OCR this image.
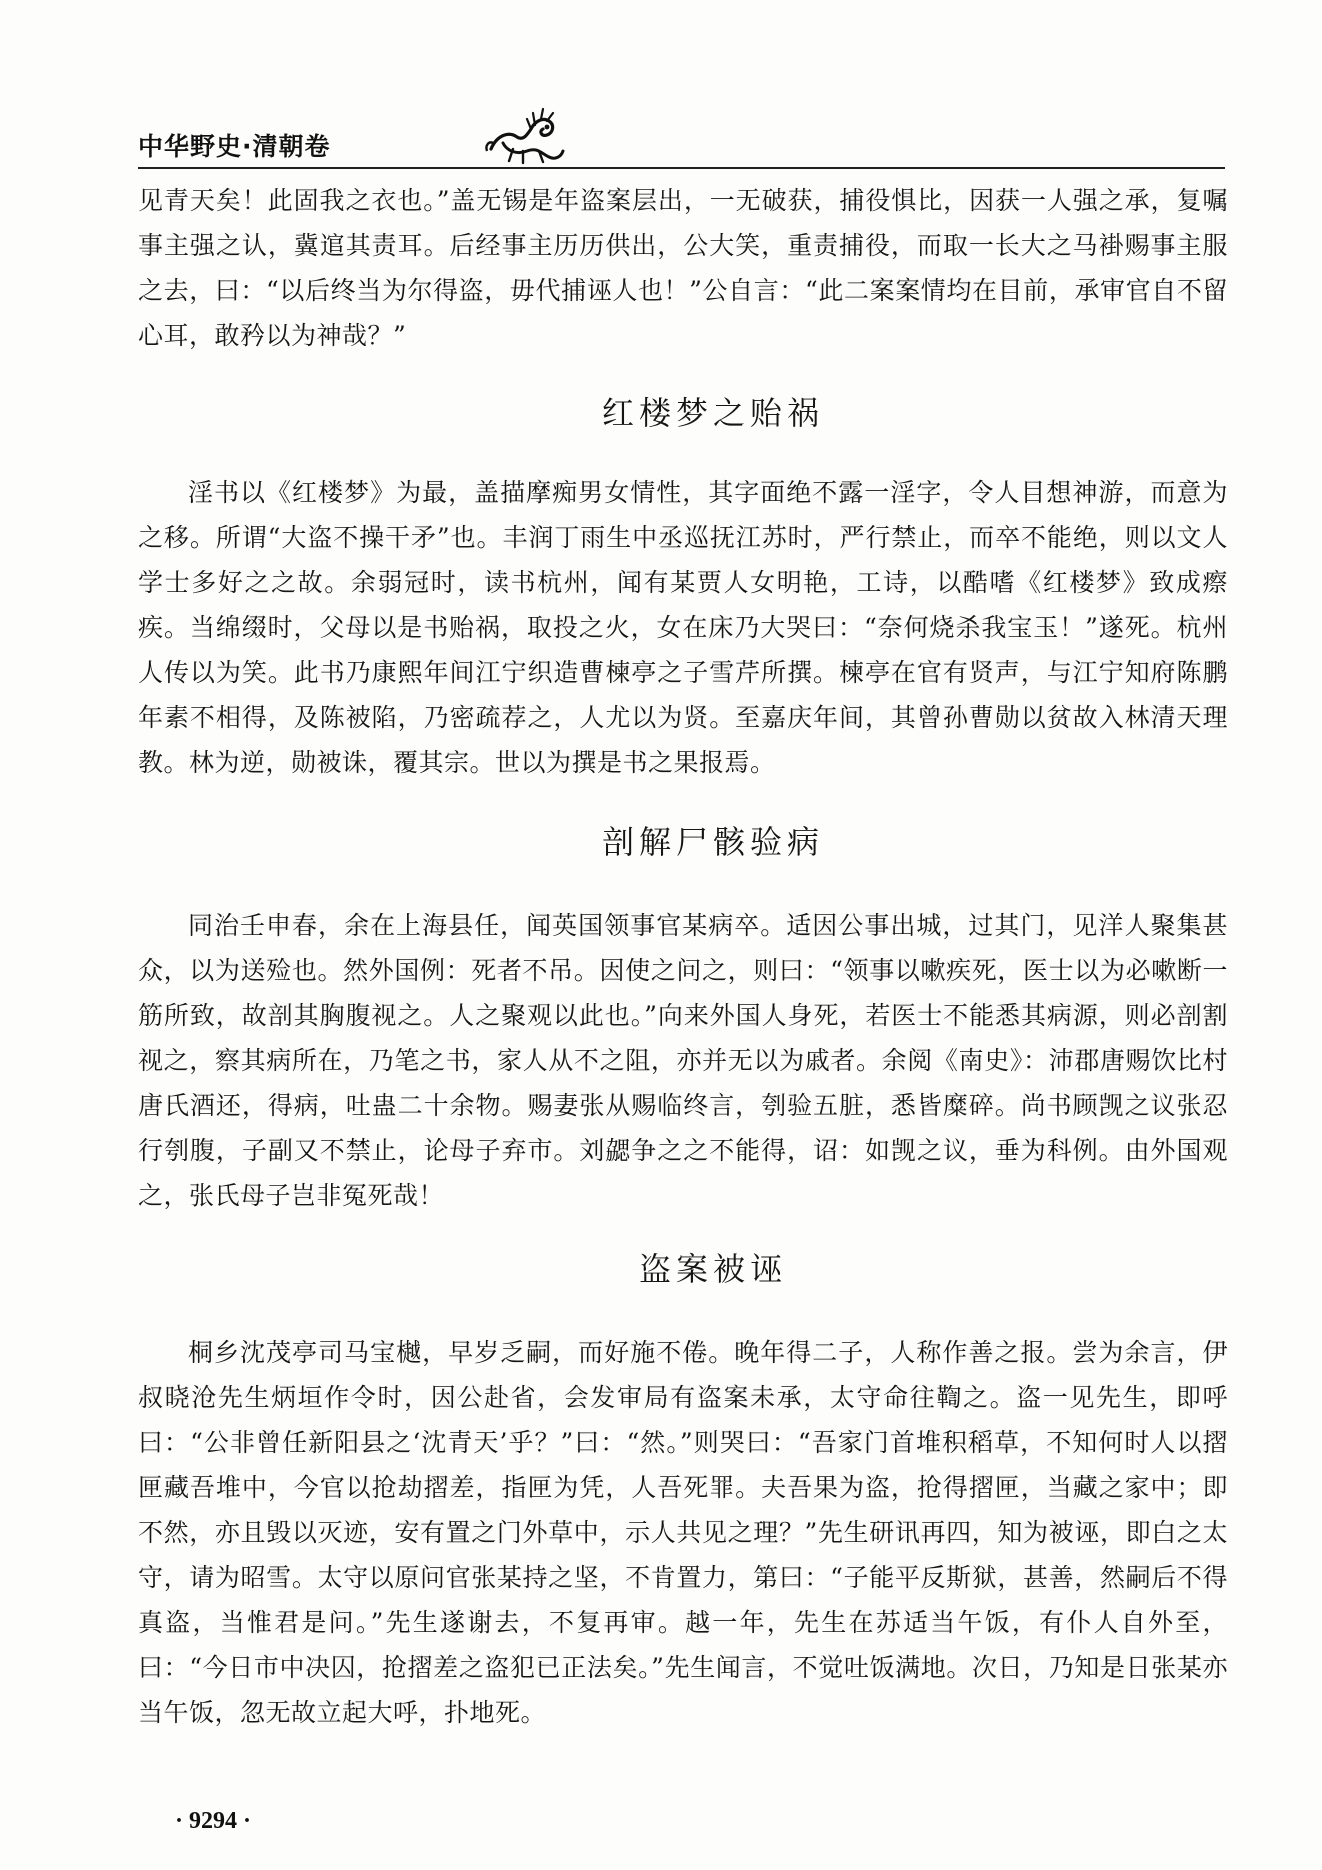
中华野史·清朝卷

见青天矣！此固我之衣也。”盖无锡是年盗案层出，一无破获，捕役惧比，因获一人强之承，复嘱事主强之认，冀逭其责耳。后经事主历历供出，公大笑，重责捕役，而取一长大之马褂赐事主服之去，曰：“以后终当为尔得盗，毋代捕诬人也！”公自言：“此二案案情均在目前，承审官自不留心耳，敢矜以为神哉？”

红楼梦之贻祸

淫书以《红楼梦》为最，盖描摩痴男女情性，其字面绝不露一淫字，令人目想神游，而意为之移。所谓“大盗不操干矛”也。丰润丁雨生中丞巡抚江苏时，严行禁止，而卒不能绝，则以文人学士多好之之故。余弱冠时，读书杭州，闻有某贾人女明艳，工诗，以酷嗜《红楼梦》致成瘵疾。当绵缀时，父母以是书贻祸，取投之火，女在床乃大哭曰：“奈何烧杀我宝玉！”遂死。杭州人传以为笑。此书乃康熙年间江宁织造曹楝亭之子雪芹所撰。楝亭在官有贤声，与江宁知府陈鹏年素不相得，及陈被陷，乃密疏荐之，人尤以为贤。至嘉庆年间，其曾孙曹勋以贫故入林清天理教。林为逆，勋被诛，覆其宗。世以为撰是书之果报焉。

剖解尸骸验病

同治壬申春，余在上海县任，闻英国领事官某病卒。适因公事出城，过其门，见洋人聚集甚众，以为送殓也。然外国例：死者不吊。因使之问之，则曰：“领事以嗽疾死，医士以为必嗽断一筋所致，故剖其胸腹视之。人之聚观以此也。”向来外国人身死，若医士不能悉其病源，则必剖割视之，察其病所在，乃笔之书，家人从不之阻，亦并无以为戚者。余阅《南史》：沛郡唐赐饮比村唐氏酒还，得病，吐蛊二十余物。赐妻张从赐临终言，刳验五脏，悉皆糜碎。尚书顾觊之议张忍行刳腹，子副又不禁止，论母子弃市。刘勰争之之不能得，诏：如觊之议，垂为科例。由外国观之，张氏母子岂非冤死哉！

盗案被诬

桐乡沈茂亭司马宝樾，早岁乏嗣，而好施不倦。晚年得二子，人称作善之报。尝为余言，伊叔晓沧先生炳垣作令时，因公赴省，会发审局有盗案未承，太守命往鞫之。盗一见先生，即呼曰：“公非曾任新阳县之‘沈青天’乎？”曰：“然。”则哭曰：“吾家门首堆积稻草，不知何时人以摺匣藏吾堆中，今官以抢劫摺差，指匣为凭，人吾死罪。夫吾果为盗，抢得摺匣，当藏之家中；即不然，亦且毁以灭迹，安有置之门外草中，示人共见之理？”先生研讯再四，知为被诬，即白之太守，请为昭雪。太守以原问官张某持之坚，不肯置力，第曰：“子能平反斯狱，甚善，然嗣后不得真盗，当惟君是问。”先生遂谢去，不复再审。越一年，先生在苏适当午饭，有仆人自外至，曰：“今日市中决囚，抢摺差之盗犯已正法矣。”先生闻言，不觉吐饭满地。次日，乃知是日张某亦当午饭，忽无故立起大呼，扑地死。

· 9294 ·
